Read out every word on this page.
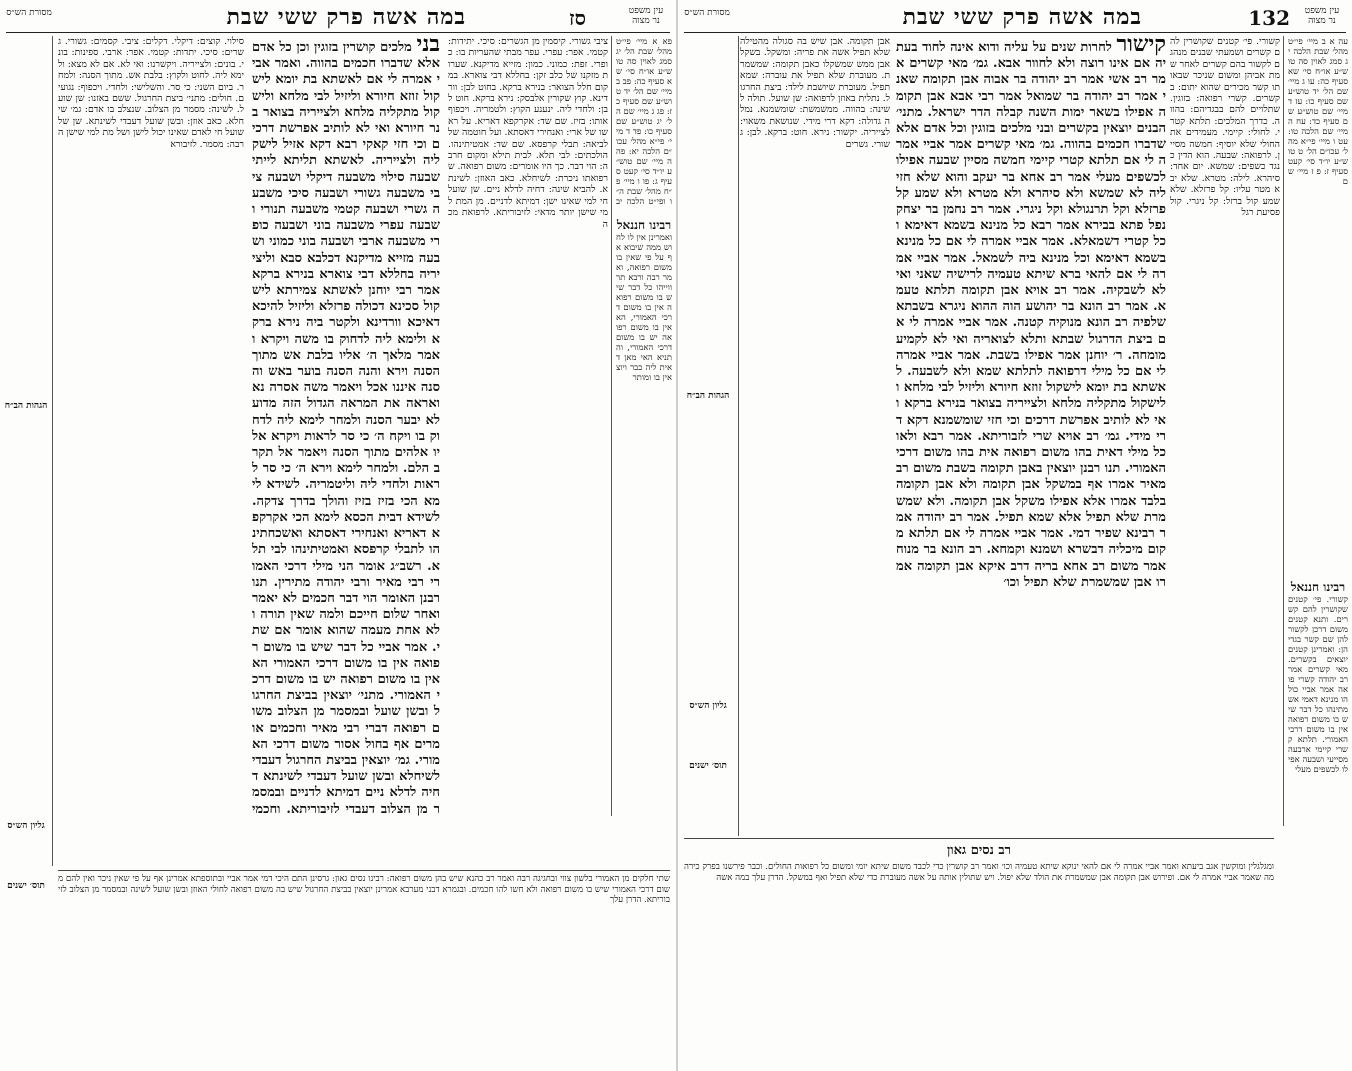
עין משפט נר מצוה
סז
במה אשה פרק ששי שבת
מסורת הש״ס
פא א מיי׳ פי״ט מהל׳ שבת הל׳ יג סמג לאוין סה טוש״ע או״ח סי׳ שא סעיף כה: פב ב מיי׳ שם הל׳ יד טוש״ע שם סעיף כז: פג ג מיי׳ שם הל׳ יג טוש״ע שם סעיף כו: פד ד מיי׳ פי״א מהל׳ עכו״ם הלכה יא: פה ה מיי׳ שם טוש״ע יו״ד סי׳ קעט סעיף ג: פו ו מיי׳ פ״ח מהל׳ שבת ה״ו ופי״ט הלכה יב
רבינו חננאל
ואמרינן אין לו לחוש ממה שיבוא אף על פי שאין בו משום רפואה, ואמר רבה ורבא תרווייהו כל דבר שיש בו משום רפואה אין בו משום דרכי האמורי, הא אין בו משום רפואה יש בו משום דרכי האמורי, והתניא האי מאן דאית ליה כבר ויוצאין בו ומותר
ציבי גשורי. קיסמין מן הגשרים: סיכי. יתידות: קטמי. אפר: עפרי. עפר מבתי שהעריות בו: כופרי. זפת: כמוני. כמון: מזייא מדיקנא. שערות מזקנו של כלב זקן: בחללא דבי צוארא. במקום חלל הצואר: בנירא ברקא. בחוט לבן: וורדינא. קוץ שקורין אלבסק: נירא ברקא. חוט לבן: ולחדי ליה. ינענע הקוץ: ולטמריה. ויכפוף אותו: בזיז. שם שד: אקרקפא דאריא. על ראשו של ארי: ואנחירי דאסתא. ועל חוטמה של לביאה: תבלי קרפסא. שם שד: אמטיתינהו. הולכתים: לבי תלא. לבית תילא ומקום חרבה: הוי דבר. כך היו אומרים: משום רפואה. שרפואתו ניכרת: לשיחלא. כאב האוזן: לשינתא. להביא שינה: דחיה לדלא ניים. שן שועל חי למי שאינו ישן: דמיתא לדניים. מן המת למי שישן יותר מדאי: לזיבוריתא. לרפואת מכה
בני מלכים קושרין בזוגין וכן כל אדם אלא שדברו חכמים בהווה. ואמר אביי אמרה לי אם לאשתא בת יומא לישקול זוזא חיורא וליזיל לבי מלחא ולישקול מתקליה מלחא ולצייריה בצואר בנר חיורא ואי לא לותיב אפרשת דרכים וכי חזי קאקי רבא דקא אזיל לישקליה ולצייריה. לאשתא תליתא לייתי שבעה סילוי משבעה דיקלי ושבעה ציבי משבעה גשורי ושבעה סיכי משבעה גשרי ושבעה קטמי משבעה תנורי ושבעה עפרי משבעה בוני ושבעה כופרי משבעה ארבי ושבעה בוני כמוני ושבעה מזייא מדיקנא דכלבא סבא וליצייריה בחללא דבי צוארא בנירא ברקא אמר רבי יוחנן לאשתא צמירתא לישקול סכינא דכולה פרזלא וליזיל להיכא דאיכא וורדינא ולקטר ביה נירא ברקא ולימא ליה לדחוק בו משה ויקרא ואמר מלאך ה׳ אליו בלבת אש מתוך הסנה וירא והנה הסנה בוער באש והסנה איננו אכל ויאמר משה אסרה נא ואראה את המראה הגדול הזה מדוע לא יבער הסנה ולמחר לימא ליה לדחוק בו ויקח ה׳ כי סר לראות ויקרא אליו אלהים מתוך הסנה ויאמר אל תקרב הלם. ולמחר לימא וירא ה׳ כי סר לראות ולחדי ליה וליטמריה. לשידא לימא הכי בזיז בזיז והולך בדרך צדקה. לשידא דבית הכסא לימא הכי אקרקפא דאריא ואנחירי דאסתא ואשכחתינהו לתבלי קרפסא ואמטיתינהו לבי תלא. רשב״ג אומר הני מילי דרכי האמורי רבי מאיר ורבי יהודה מתירין. תנו רבנן האומר הוי דבר חכמים לא יאמר ואחר שלום חייכם ולמה שאין תורה ולא אחת מעמה שהוא אומר אם שתי. אמר אביי כל דבר שיש בו משום רפואה אין בו משום דרכי האמורי הא אין בו משום רפואה יש בו משום דרכי האמורי. מתני׳ יוצאין בביצת החרגול ובשן שועל ובמסמר מן הצלוב משום רפואה דברי רבי מאיר וחכמים אומרים אף בחול אסור משום דרכי האמורי. גמ׳ יוצאין בביצת החרגול דעבדי לשיחלא ובשן שועל דעבדי לשינתא דחיה לדלא ניים דמיתא לדניים ובמסמר מן הצלוב דעבדי לזיבוריתא. וחכמי
סילוי. קוצים: דיקלי. דקלים: ציבי. קסמים: גשורי. גשרים: סיכי. יתדות: קטמי. אפר: ארבי. ספינות: בוני. בונים: ולצייריה. ויקשרנו: ואי לא. אם לא מצא: ולימא ליה. לחוט ולקוץ: בלבת אש. מתוך הסנה: ולמחר. ביום השני: כי סר. והשלישי: ולחדי. ויכפוף: נגועים. חולים: מתני׳ ביצת החרגול. ששם באזנו: שן שועל. לשינה: מסמר מן הצלוב. שנצלב בו אדם: גמ׳ שיחלא. כאב אוזן: ובשן שועל דעבדי לשינתא. שן של שועל חי לאדם שאינו יכול לישן ושל מת למי שישן הרבה: מסמר. לזיבורא
הגהות הב״ח
גליון הש״ס
תוס׳ ישנים
שתי חלקים מן האמורי בלשון צווי ובחגיגה רבה ואמר רב כהנא שיש בהן משום רפואה: רבינו נסים גאון: גרסינן התם היכי דמי אמר אביי ובתוספתא אמרינן אף על פי שאין ניכר ואין להם משום דרכי האמורי שיש בו משום רפואה ולא חשו להו חכמים. ובגמרא דבני מערבא אמרינן יוצאין בביצת החרגול שיש בה משום רפואה לחולי האוזן ובשן שועל לשינה ובמסמר מן הצלוב לזיבוריתא. הדרן עלך
עין משפט נר מצוה
132
במה אשה פרק ששי שבת
מסורת הש״ס
עה א ב מיי׳ פי״ט מהל׳ שבת הלכה יג סמג לאוין סה טוש״ע או״ח סי׳ שא סעיף כה: עו ג מיי׳ שם הל׳ יד טוש״ע שם סעיף כו: עז ד מיי׳ שם טוש״ע שם סעיף כד: עח ה מיי׳ שם הלכה טו: עט ו מיי׳ פי״א מהל׳ עכו״ם הל׳ ט טוש״ע יו״ד סי׳ קעט סעיף ז: פ ז מיי׳ שם
רבינו חננאל
קשורי. פי׳ קטנים שקושרין להם קשרים. ותנא קטנים משום דרכן לקשור להן שם קשר בגדיהן: ואמרינן קטנים יוצאים בקשרים. מאי קשרים אמר רב יהודה קשרי פואה אמר אביי כולהו מנינא דאמי אשמתינהו כל דבר שיש בו משום רפואה אין בו משום דרכי האמורי. תלתא קשרי קיימי ארבעה מסייעי ושבעה אפילו לכשפים מעלי
קשורי. פי׳ קטנים שקושרין להם קשרים ושמעתי שבנים מנהגם לקשור בהם קשרים לאחר שמת אביהן ומשום שניכר שבאותו קשר מכירים שהוא יתום: בקשרים. קשרי רפואה: בזוגין. שתלויים להם בבגדיהם: בהווה. כדרך המלכים: תלתא קטרי. לחולי: קיימי. מעמידים את החולי שלא יוסיף: חמשה מסיין. לרפואה: שבעה. הוא הדין כנגד כשפים: שמשא. יום אחד: סיהרא. לילה: מטרא. שלא יבא מטר עליו: קל פרזלא. שלא שמע קול ברזל: קל ניגרי. קול פסיעת רגל
קישור לחרות שנים על עליה ודוא אינה לחוד בעתיה אם אינו רוצה ולא לחוור אבא. גמ׳ מאי קשרים אמר רב אשי אמר רב יהודה בר אבוה אבן תקומה שאני אמר רב יהודה בר שמואל אמר רבי אבא אבן תקומה אפילו בשאר ימות השנה קבלה הדר ישראל. מתני׳ הבנים יוצאין בקשרים ובני מלכים בזוגין וכל אדם אלא שדברו חכמים בהווה. גמ׳ מאי קשרים אמר אביי אמרה לי אם תלתא קטרי קיימי חמשה מסיין שבעה אפילו לכשפים מעלי אמר רב אחא בר יעקב והוא שלא חזי ליה לא שמשא ולא סיהרא ולא מטרא ולא שמע קל פרזלא וקל תרנגולא וקל ניגרי. אמר רב נחמן בר יצחק נפל פתא בבירא אמר רבא כל מנינא בשמא דאימא וכל קטרי דשמאלא. אמר אביי אמרה לי אם כל מנינא בשמא דאימא וכל מנינא ביה לשמאל. אמר אביי אמרה לי אם להאי ברא שיתא טעמיה לרישיה שאני ואי לא לשבקיה. אמר רב אויא אבן תקומה תלתא טעמא. אמר רב הונא בר יהושע הוה ההוא ניגרא בשבתא שלפיה רב הונא מנוקיה קטנה. אמר אביי אמרה לי אם ביצת הדרגול שבתא ותלא לצואריה ואי לא לקמיע מומחה. ר׳ יוחנן אמר אפילו בשבת. אמר אביי אמרה לי אם כל מילי דרפואה לתלתא שמא ולא לשבעה. לאשתא בת יומא לישקול זוזא חיורא וליזיל לבי מלחא ולישקול מתקליה מלחא ולצייריה בצואר בנירא ברקא ואי לא לותיב אפרשת דרכים וכי חזי שומשמנא דקא דרי מידי. גמ׳ רב אויא שרי לזבוריתא. אמר רבא ולאו כל מילי דאית בהו משום רפואה אית בהו משום דרכי האמורי. תנו רבנן יוצאין באבן תקומה בשבת משום רב מאיר אמרו אף במשקל אבן תקומה ולא אבן תקומה בלבד אמרו אלא אפילו משקל אבן תקומה. ולא שמשמרת שלא תפיל אלא שמא תפיל. אמר רב יהודה אמר רבינא שפיר דמי. אמר אביי אמרה לי אם תלתא מקום מיכליה דבשרא ושמנא וקמחא. רב הונא בר מנוח אמר משום רב אחא בריה דרב איקא אבן תקומה אמרו אבן שמשמרת שלא תפיל וכו׳
אבן תקומה. אבן שיש בה סגולה מהטילה שלא תפיל אשה את פריה: ומשקל. בשקל אבן ממש שמשקלו כאבן תקומה: שמשמרת. מעוברת שלא תפיל את עוברה: שמא תפיל. מעוברת שיושבת לילד: ביצת החרגול. נתלית באוזן לרפואה: שן שועל. תולה לשינה: בהווה. ממשמשת: שומשמנא. נמלה גדולה: דקא דרי מידי. שנושאת משאוי: לצייריה. יקשור: נירא. חוט: ברקא. לבן: גשורי. גשרים
הגהות הב״ח
גליון הש״ס
תוס׳ ישנים
רב נסים גאון
ומגלגלין ומוקשין אגב ביעתא ואמר אביי אמרה לי אם להאי ינוקא שיתא טעמיה וכו׳ ואמר רב קושרין כדי לכבד משום שיתא יומי ומשום כל רפואות החולים. וכבר פירשנו בפרק כירה מה שאמר אביי אמרה לי אם. ופירוש אבן תקומה אבן שמשמרת את הולד שלא יפול. ויש שתולין אותה על אשה מעוברת כדי שלא תפיל ואף במשקל. הדרן עלך במה אשה
